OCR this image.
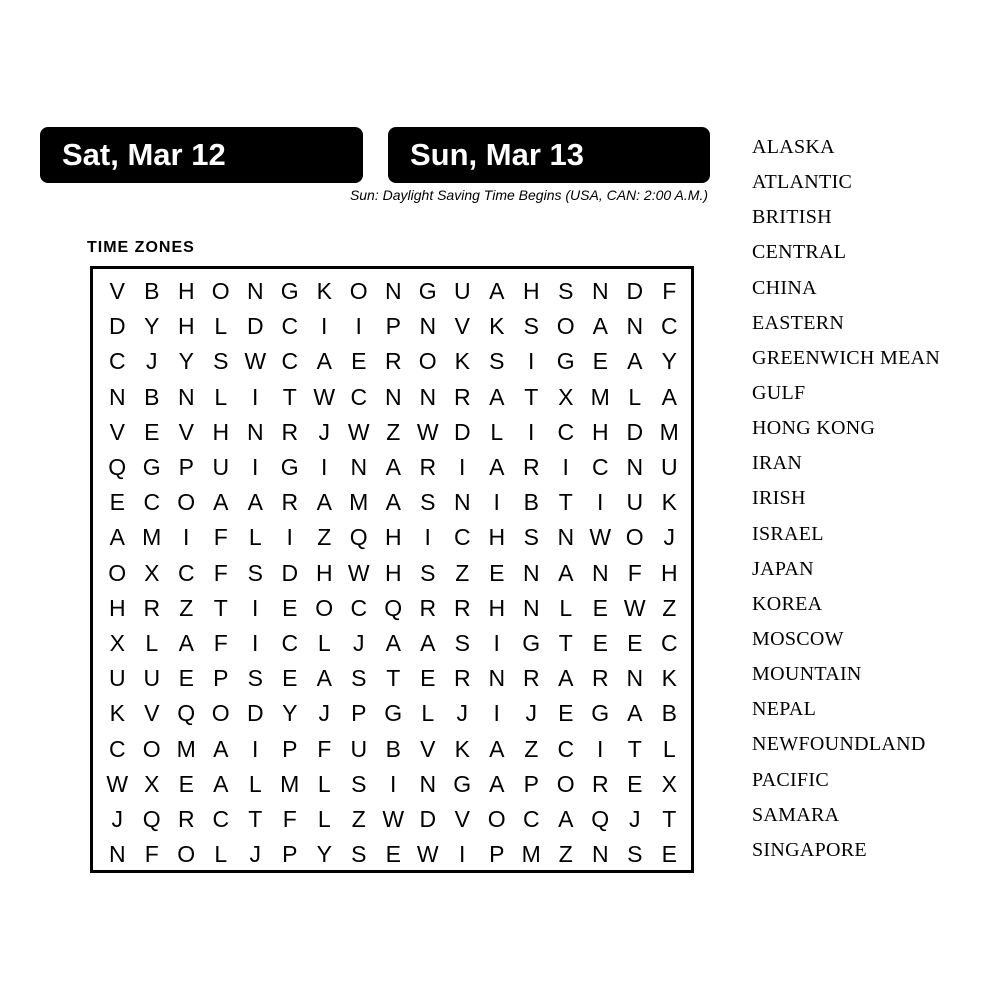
Sat, Mar 12	Sun, Mar 13
Sun: Daylight Saving Time Begins (USA, CAN: 2:00 A.M.)
TIME ZONES
V B H O N G K O N G U A H S N D F
D Y H L D C I	I	P N V K S O A N C
C J Y S W C A E R O K S	I G E A Y
N B N L	I	T W C N N R A T X M L A
V E V H N R J W Z W D L	I	C H D M
Q G P U I G I	N A R I	A R I	C N U
E C O A A R A M A S N I	B T	I	U K
A M I	F L	I	Z Q H I	C H S N W O J
O X C F S D H W H S Z E N A N F H
H R Z T	I	E O C Q R R H N L E W Z
X L A F	I	C L J A A S	I G T E E C
U U E P S E A S T E R N R A R N K
K V Q O D Y J P G L J	I	J E G A B
C O M A	I	P F U B V K A Z C I	T L
W X E A L M L S	I	N G A P O R E X
J Q R C T F L Z W D V O C A Q J T
N F O L J P Y S E W I	P M Z N S E
ALASKA
ATLANTIC
BRITISH
CENTRAL
CHINA
EASTERN
GREENWICH MEAN
GULF
HONG KONG
IRAN
IRISH
ISRAEL
JAPAN
KOREA
MOSCOW
MOUNTAIN
NEPAL
NEWFOUNDLAND
PACIFIC
SAMARA
SINGAPORE
